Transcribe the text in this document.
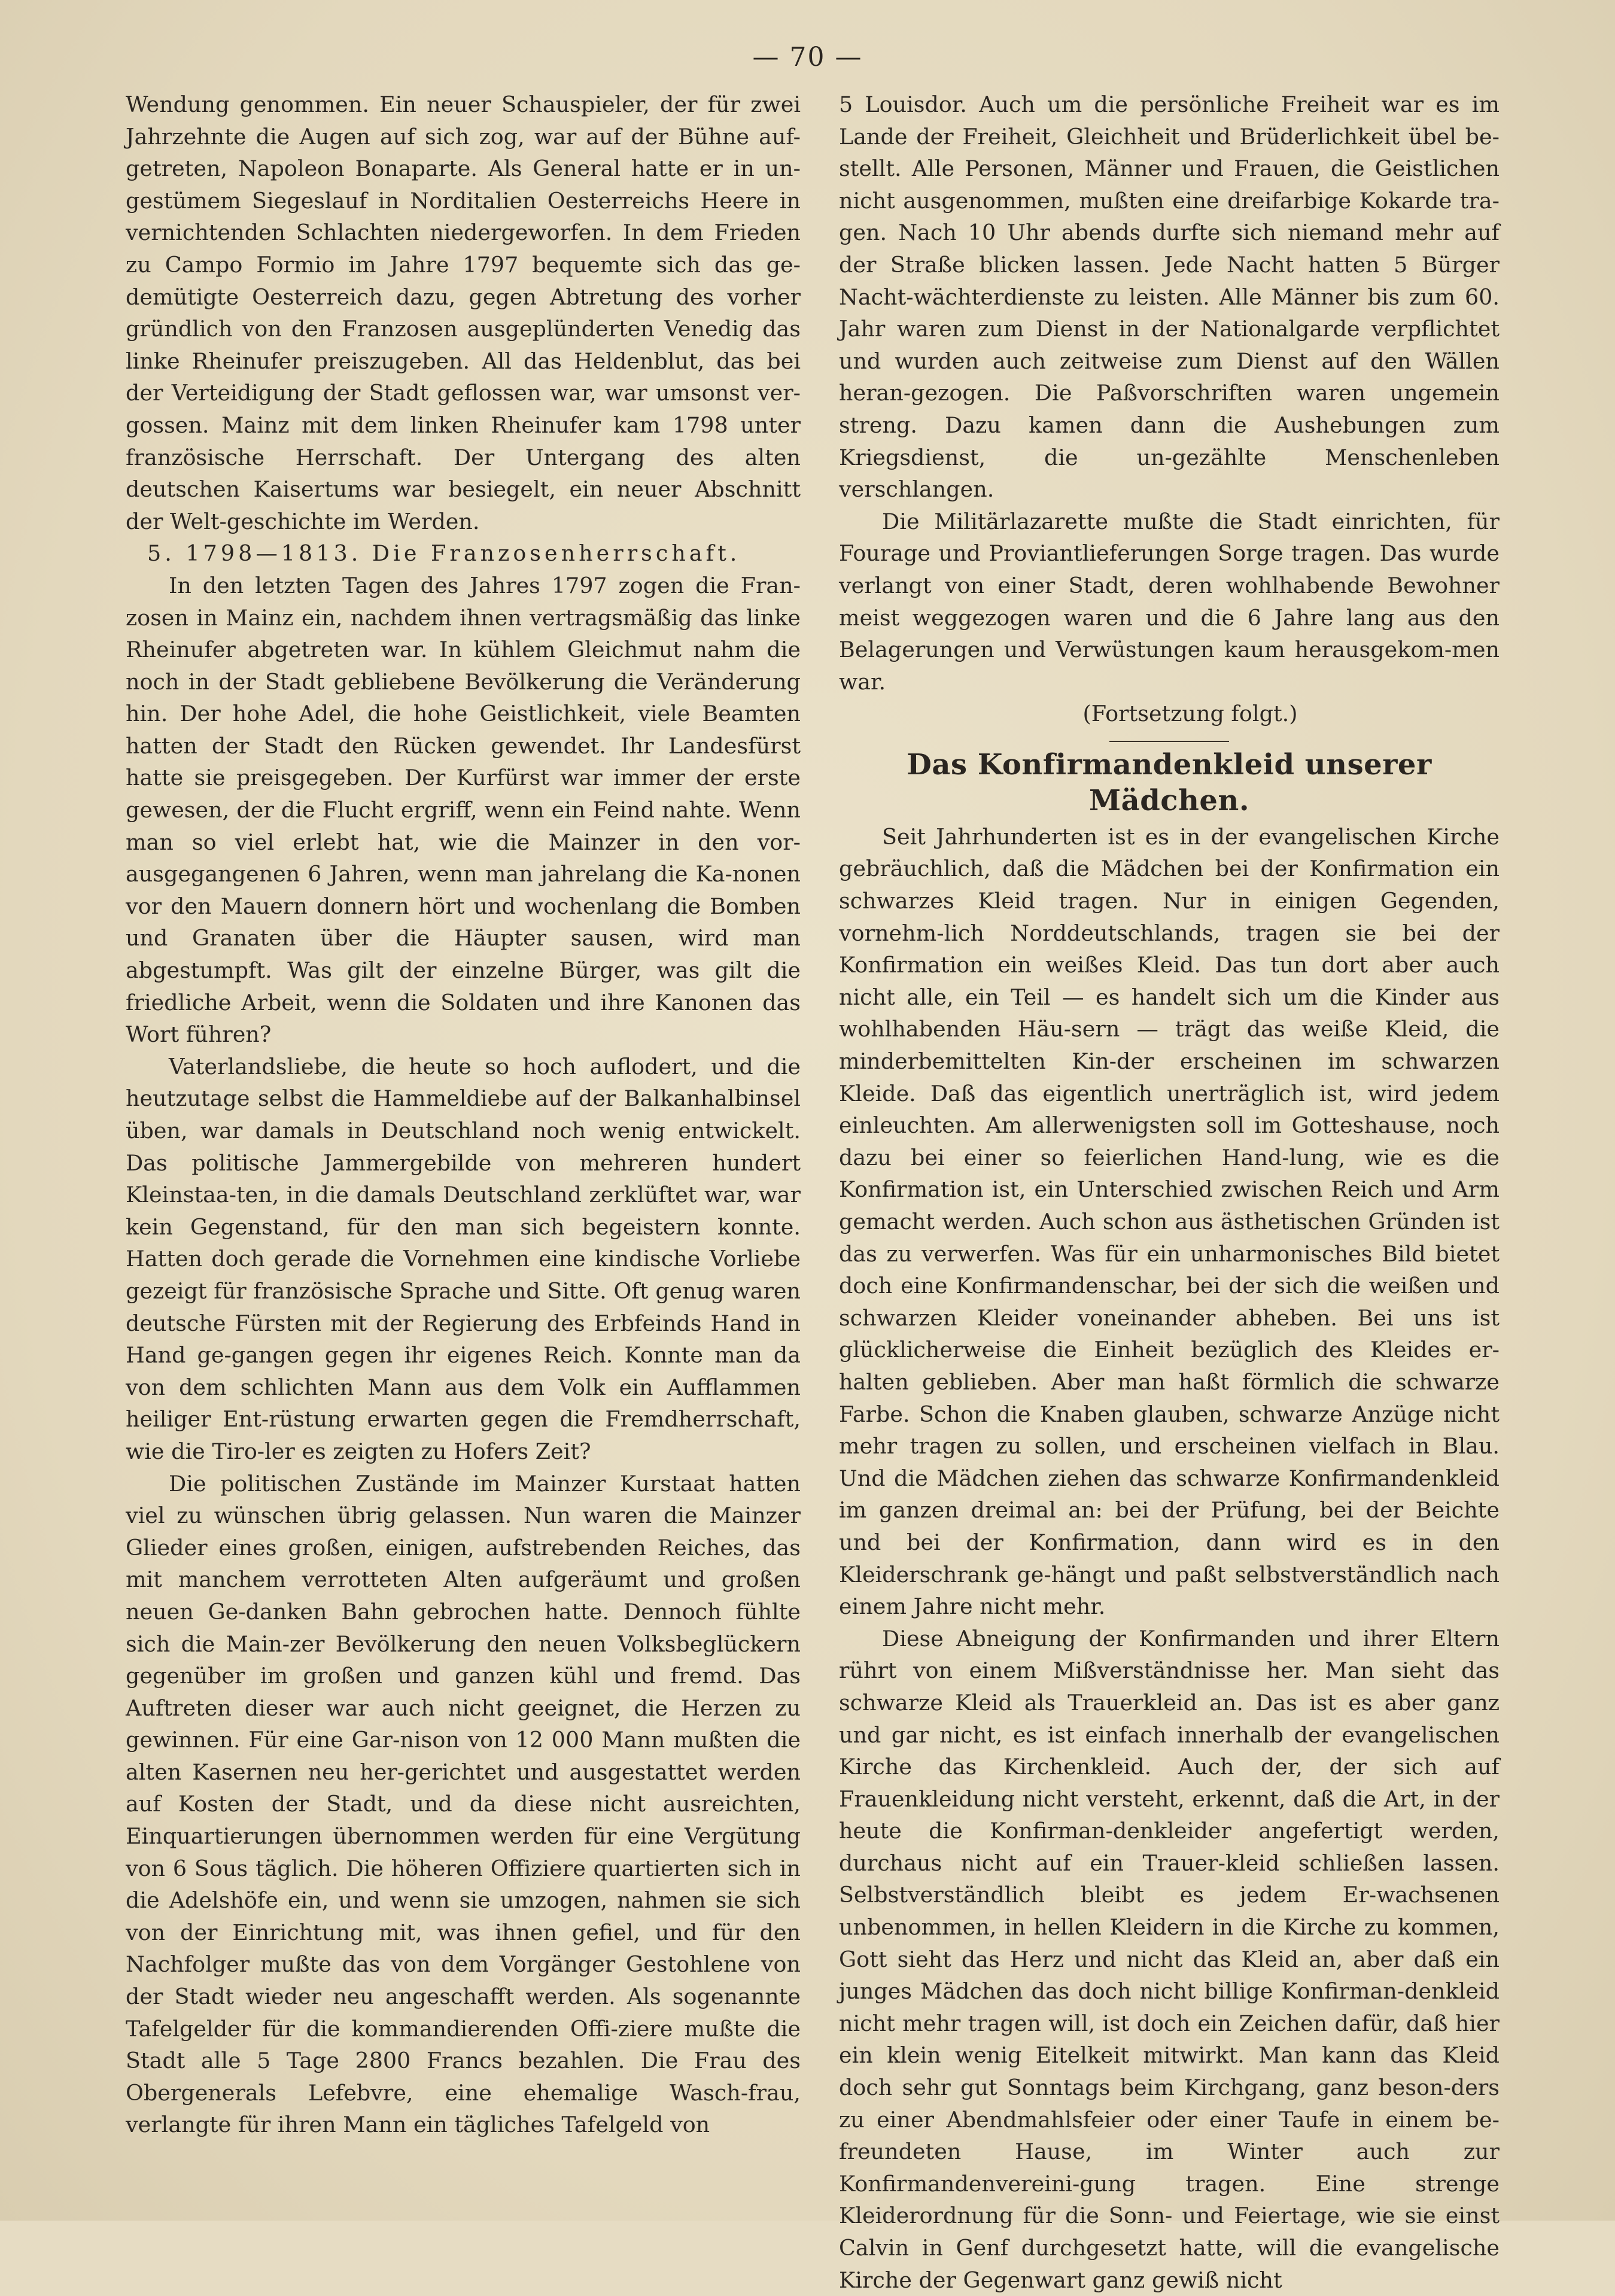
— 70 —

Wendung genommen. Ein neuer Schauspieler, der für zwei Jahrzehnte die Augen auf sich zog, war auf der Bühne auf-getreten, Napoleon Bonaparte. Als General hatte er in un-gestümem Siegeslauf in Norditalien Oesterreichs Heere in vernichtenden Schlachten niedergeworfen. In dem Frieden zu Campo Formio im Jahre 1797 bequemte sich das ge-demütigte Oesterreich dazu, gegen Abtretung des vorher gründlich von den Franzosen ausgeplünderten Venedig das linke Rheinufer preiszugeben. All das Heldenblut, das bei der Verteidigung der Stadt geflossen war, war umsonst ver-gossen. Mainz mit dem linken Rheinufer kam 1798 unter französische Herrschaft. Der Untergang des alten deutschen Kaisertums war besiegelt, ein neuer Abschnitt der Welt-geschichte im Werden.

5. 1798—1813. Die Franzosenherrschaft.

In den letzten Tagen des Jahres 1797 zogen die Fran-zosen in Mainz ein, nachdem ihnen vertragsmäßig das linke Rheinufer abgetreten war. In kühlem Gleichmut nahm die noch in der Stadt gebliebene Bevölkerung die Veränderung hin. Der hohe Adel, die hohe Geistlichkeit, viele Beamten hatten der Stadt den Rücken gewendet. Ihr Landesfürst hatte sie preisgegeben. Der Kurfürst war immer der erste gewesen, der die Flucht ergriff, wenn ein Feind nahte. Wenn man so viel erlebt hat, wie die Mainzer in den vor-ausgegangenen 6 Jahren, wenn man jahrelang die Ka-nonen vor den Mauern donnern hört und wochenlang die Bomben und Granaten über die Häupter sausen, wird man abgestumpft. Was gilt der einzelne Bürger, was gilt die friedliche Arbeit, wenn die Soldaten und ihre Kanonen das Wort führen?

Vaterlandsliebe, die heute so hoch auflodert, und die heutzutage selbst die Hammeldiebe auf der Balkanhalbinsel üben, war damals in Deutschland noch wenig entwickelt. Das politische Jammergebilde von mehreren hundert Kleinstaa-ten, in die damals Deutschland zerklüftet war, war kein Gegenstand, für den man sich begeistern konnte. Hatten doch gerade die Vornehmen eine kindische Vorliebe gezeigt für französische Sprache und Sitte. Oft genug waren deutsche Fürsten mit der Regierung des Erbfeinds Hand in Hand ge-gangen gegen ihr eigenes Reich. Konnte man da von dem schlichten Mann aus dem Volk ein Aufflammen heiliger Ent-rüstung erwarten gegen die Fremdherrschaft, wie die Tiro-ler es zeigten zu Hofers Zeit?

Die politischen Zustände im Mainzer Kurstaat hatten viel zu wünschen übrig gelassen. Nun waren die Mainzer Glieder eines großen, einigen, aufstrebenden Reiches, das mit manchem verrotteten Alten aufgeräumt und großen neuen Ge-danken Bahn gebrochen hatte. Dennoch fühlte sich die Main-zer Bevölkerung den neuen Volksbeglückern gegenüber im großen und ganzen kühl und fremd. Das Auftreten dieser war auch nicht geeignet, die Herzen zu gewinnen. Für eine Gar-nison von 12 000 Mann mußten die alten Kasernen neu her-gerichtet und ausgestattet werden auf Kosten der Stadt, und da diese nicht ausreichten, Einquartierungen übernommen werden für eine Vergütung von 6 Sous täglich. Die höheren Offiziere quartierten sich in die Adelshöfe ein, und wenn sie umzogen, nahmen sie sich von der Einrichtung mit, was ihnen gefiel, und für den Nachfolger mußte das von dem Vorgänger Gestohlene von der Stadt wieder neu angeschafft werden. Als sogenannte Tafelgelder für die kommandierenden Offi-ziere mußte die Stadt alle 5 Tage 2800 Francs bezahlen. Die Frau des Obergenerals Lefebvre, eine ehemalige Wasch-frau, verlangte für ihren Mann ein tägliches Tafelgeld von

5 Louisdor. Auch um die persönliche Freiheit war es im Lande der Freiheit, Gleichheit und Brüderlichkeit übel be-stellt. Alle Personen, Männer und Frauen, die Geistlichen nicht ausgenommen, mußten eine dreifarbige Kokarde tra-gen. Nach 10 Uhr abends durfte sich niemand mehr auf der Straße blicken lassen. Jede Nacht hatten 5 Bürger Nacht-wächterdienste zu leisten. Alle Männer bis zum 60. Jahr waren zum Dienst in der Nationalgarde verpflichtet und wurden auch zeitweise zum Dienst auf den Wällen heran-gezogen. Die Paßvorschriften waren ungemein streng. Dazu kamen dann die Aushebungen zum Kriegsdienst, die un-gezählte Menschenleben verschlangen.

Die Militärlazarette mußte die Stadt einrichten, für Fourage und Proviantlieferungen Sorge tragen. Das wurde verlangt von einer Stadt, deren wohlhabende Bewohner meist weggezogen waren und die 6 Jahre lang aus den Belagerungen und Verwüstungen kaum herausgekom-men war.

(Fortsetzung folgt.)

Das Konfirmandenkleid unserer Mädchen.

Seit Jahrhunderten ist es in der evangelischen Kirche gebräuchlich, daß die Mädchen bei der Konfirmation ein schwarzes Kleid tragen. Nur in einigen Gegenden, vornehm-lich Norddeutschlands, tragen sie bei der Konfirmation ein weißes Kleid. Das tun dort aber auch nicht alle, ein Teil — es handelt sich um die Kinder aus wohlhabenden Häu-sern — trägt das weiße Kleid, die minderbemittelten Kin-der erscheinen im schwarzen Kleide. Daß das eigentlich unerträglich ist, wird jedem einleuchten. Am allerwenigsten soll im Gotteshause, noch dazu bei einer so feierlichen Hand-lung, wie es die Konfirmation ist, ein Unterschied zwischen Reich und Arm gemacht werden. Auch schon aus ästhetischen Gründen ist das zu verwerfen. Was für ein unharmonisches Bild bietet doch eine Konfirmandenschar, bei der sich die weißen und schwarzen Kleider voneinander abheben. Bei uns ist glücklicherweise die Einheit bezüglich des Kleides er-halten geblieben. Aber man haßt förmlich die schwarze Farbe. Schon die Knaben glauben, schwarze Anzüge nicht mehr tragen zu sollen, und erscheinen vielfach in Blau. Und die Mädchen ziehen das schwarze Konfirmandenkleid im ganzen dreimal an: bei der Prüfung, bei der Beichte und bei der Konfirmation, dann wird es in den Kleiderschrank ge-hängt und paßt selbstverständlich nach einem Jahre nicht mehr.

Diese Abneigung der Konfirmanden und ihrer Eltern rührt von einem Mißverständnisse her. Man sieht das schwarze Kleid als Trauerkleid an. Das ist es aber ganz und gar nicht, es ist einfach innerhalb der evangelischen Kirche das Kirchenkleid. Auch der, der sich auf Frauenkleidung nicht versteht, erkennt, daß die Art, in der heute die Konfirman-denkleider angefertigt werden, durchaus nicht auf ein Trauer-kleid schließen lassen. Selbstverständlich bleibt es jedem Er-wachsenen unbenommen, in hellen Kleidern in die Kirche zu kommen, Gott sieht das Herz und nicht das Kleid an, aber daß ein junges Mädchen das doch nicht billige Konfirman-denkleid nicht mehr tragen will, ist doch ein Zeichen dafür, daß hier ein klein wenig Eitelkeit mitwirkt. Man kann das Kleid doch sehr gut Sonntags beim Kirchgang, ganz beson-ders zu einer Abendmahlsfeier oder einer Taufe in einem be-freundeten Hause, im Winter auch zur Konfirmandenvereini-gung tragen. Eine strenge Kleiderordnung für die Sonn- und Feiertage, wie sie einst Calvin in Genf durchgesetzt hatte, will die evangelische Kirche der Gegenwart ganz gewiß nicht
